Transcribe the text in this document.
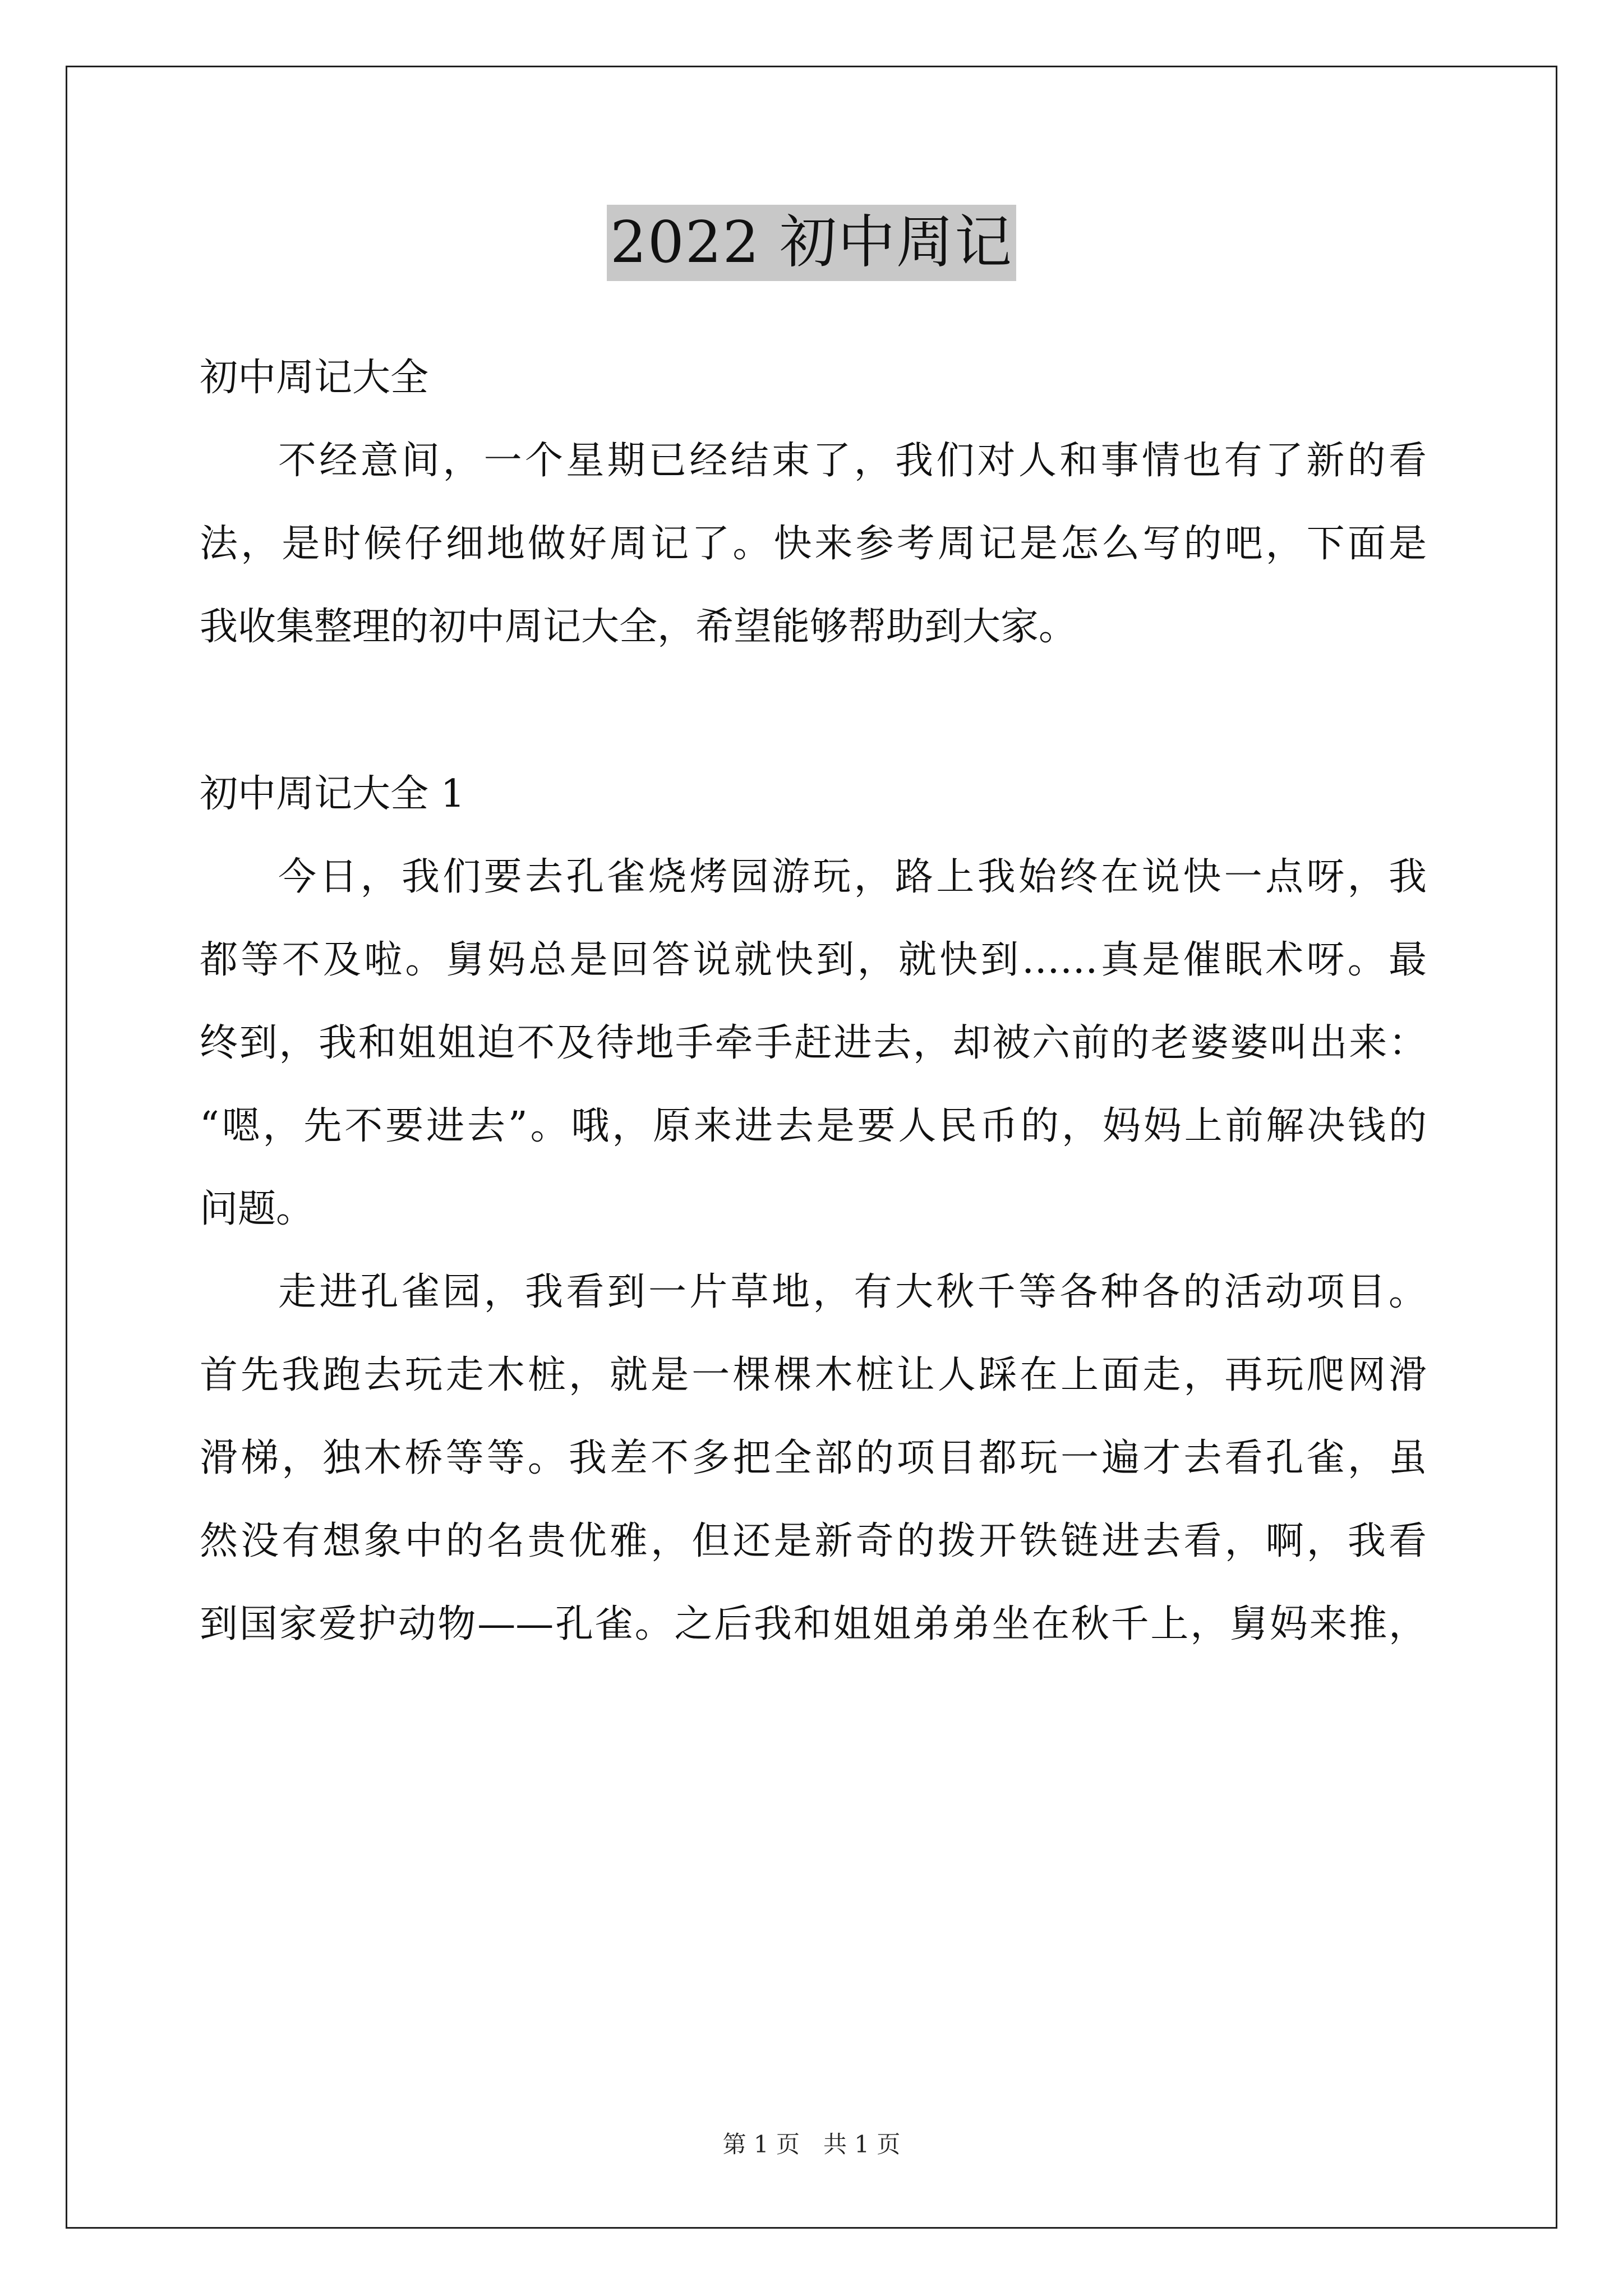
2022 初中周记
初中周记大全
不经意间，一个星期已经结束了，我们对人和事情也有了新的看
法，是时候仔细地做好周记了。快来参考周记是怎么写的吧，下面是
我收集整理的初中周记大全，希望能够帮助到大家。
初中周记大全 1
今日，我们要去孔雀烧烤园游玩，路上我始终在说快一点呀，我
都等不及啦。舅妈总是回答说就快到，就快到……真是催眠术呀。最
终到，我和姐姐迫不及待地手牵手赶进去，却被六前的老婆婆叫出来：
“嗯，先不要进去”。哦，原来进去是要人民币的，妈妈上前解决钱的
问题。
走进孔雀园，我看到一片草地，有大秋千等各种各的活动项目。
首先我跑去玩走木桩，就是一棵棵木桩让人踩在上面走，再玩爬网滑
滑梯，独木桥等等。我差不多把全部的项目都玩一遍才去看孔雀，虽
然没有想象中的名贵优雅，但还是新奇的拨开铁链进去看，啊，我看
到国家爱护动物——孔雀。之后我和姐姐弟弟坐在秋千上，舅妈来推，
第 1 页　共 1 页
